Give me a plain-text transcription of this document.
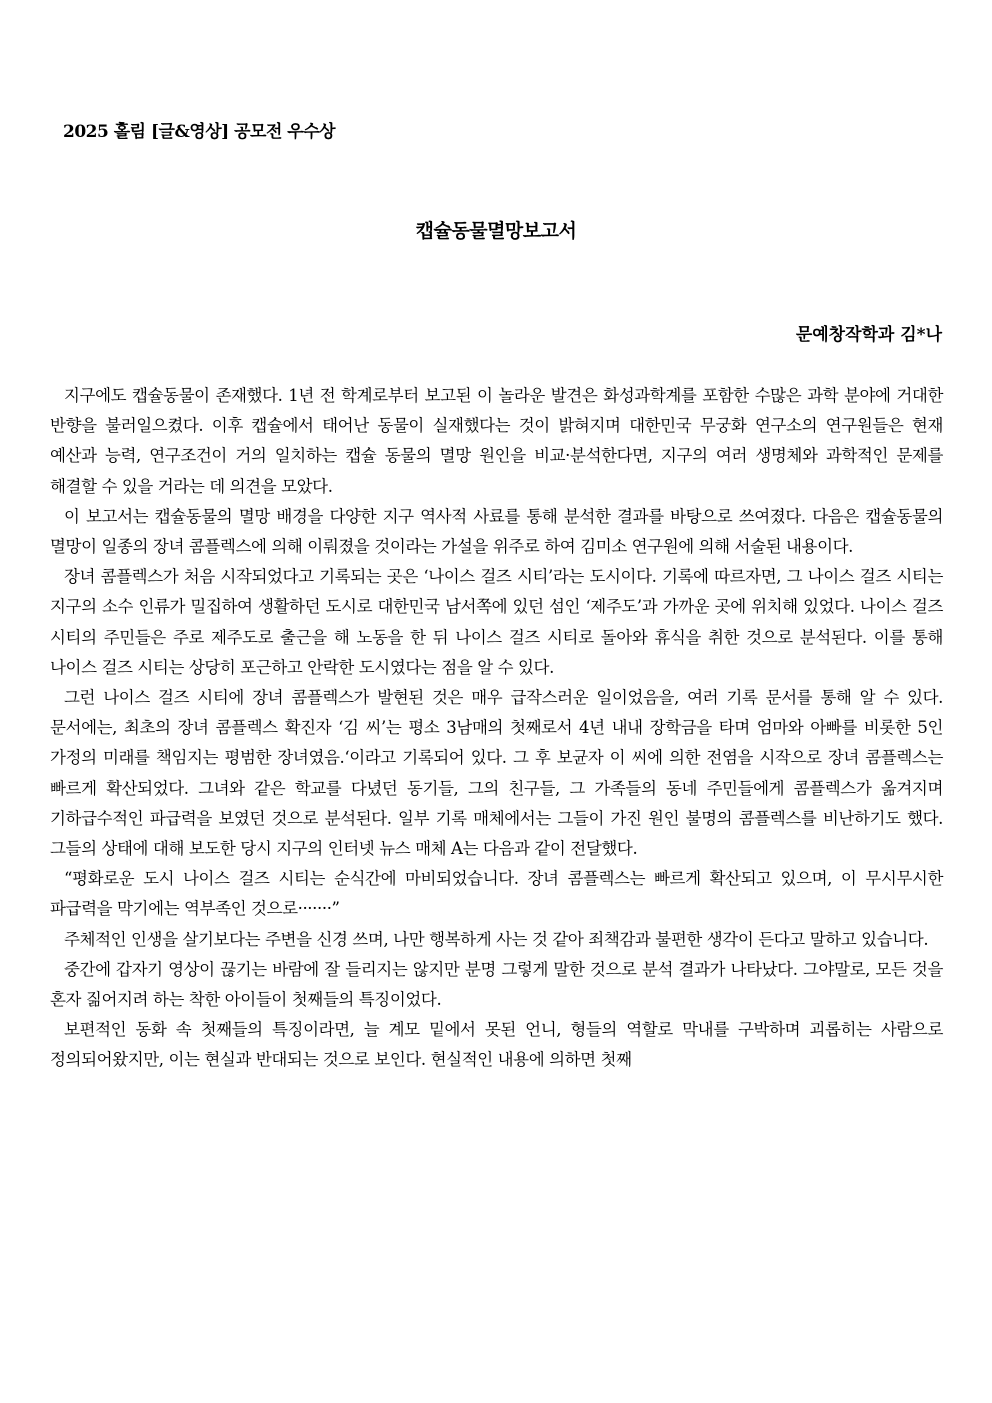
2025 홀림 [글&영상] 공모전 우수상
캡슐동물멸망보고서
문예창작학과 김*나

지구에도 캡슐동물이 존재했다. 1년 전 학계로부터 보고된 이 놀라운 발견은 화성과학계를 포함한 수많은 과학 분야에 거대한 반향을 불러일으켰다. 이후 캡슐에서 태어난 동물이 실재했다는 것이 밝혀지며 대한민국 무궁화 연구소의 연구원들은 현재 예산과 능력, 연구조건이 거의 일치하는 캡슐 동물의 멸망 원인을 비교·분석한다면, 지구의 여러 생명체와 과학적인 문제를 해결할 수 있을 거라는 데 의견을 모았다.

이 보고서는 캡슐동물의 멸망 배경을 다양한 지구 역사적 사료를 통해 분석한 결과를 바탕으로 쓰여졌다. 다음은 캡슐동물의 멸망이 일종의 장녀 콤플렉스에 의해 이뤄졌을 것이라는 가설을 위주로 하여 김미소 연구원에 의해 서술된 내용이다.

장녀 콤플렉스가 처음 시작되었다고 기록되는 곳은 ‘나이스 걸즈 시티’라는 도시이다. 기록에 따르자면, 그 나이스 걸즈 시티는 지구의 소수 인류가 밀집하여 생활하던 도시로 대한민국 남서쪽에 있던 섬인 ‘제주도’과 가까운 곳에 위치해 있었다. 나이스 걸즈 시티의 주민들은 주로 제주도로 출근을 해 노동을 한 뒤 나이스 걸즈 시티로 돌아와 휴식을 취한 것으로 분석된다. 이를 통해 나이스 걸즈 시티는 상당히 포근하고 안락한 도시였다는 점을 알 수 있다.

그런 나이스 걸즈 시티에 장녀 콤플렉스가 발현된 것은 매우 급작스러운 일이었음을, 여러 기록 문서를 통해 알 수 있다. 문서에는, 최초의 장녀 콤플렉스 확진자 ‘김 씨’는 평소 3남매의 첫째로서 4년 내내 장학금을 타며 엄마와 아빠를 비롯한 5인 가정의 미래를 책임지는 평범한 장녀였음.‘이라고 기록되어 있다. 그 후 보균자 이 씨에 의한 전염을 시작으로 장녀 콤플렉스는 빠르게 확산되었다. 그녀와 같은 학교를 다녔던 동기들, 그의 친구들, 그 가족들의 동네 주민들에게 콤플렉스가 옮겨지며 기하급수적인 파급력을 보였던 것으로 분석된다. 일부 기록 매체에서는 그들이 가진 원인 불명의 콤플렉스를 비난하기도 했다. 그들의 상태에 대해 보도한 당시 지구의 인터넷 뉴스 매체 A는 다음과 같이 전달했다.

“평화로운 도시 나이스 걸즈 시티는 순식간에 마비되었습니다. 장녀 콤플렉스는 빠르게 확산되고 있으며, 이 무시무시한 파급력을 막기에는 역부족인 것으로·······”

주체적인 인생을 살기보다는 주변을 신경 쓰며, 나만 행복하게 사는 것 같아 죄책감과 불편한 생각이 든다고 말하고 있습니다.

중간에 갑자기 영상이 끊기는 바람에 잘 들리지는 않지만 분명 그렇게 말한 것으로 분석 결과가 나타났다. 그야말로, 모든 것을 혼자 짊어지려 하는 착한 아이들이 첫째들의 특징이었다.

보편적인 동화 속 첫째들의 특징이라면, 늘 계모 밑에서 못된 언니, 형들의 역할로 막내를 구박하며 괴롭히는 사람으로 정의되어왔지만, 이는 현실과 반대되는 것으로 보인다. 현실적인 내용에 의하면 첫째
